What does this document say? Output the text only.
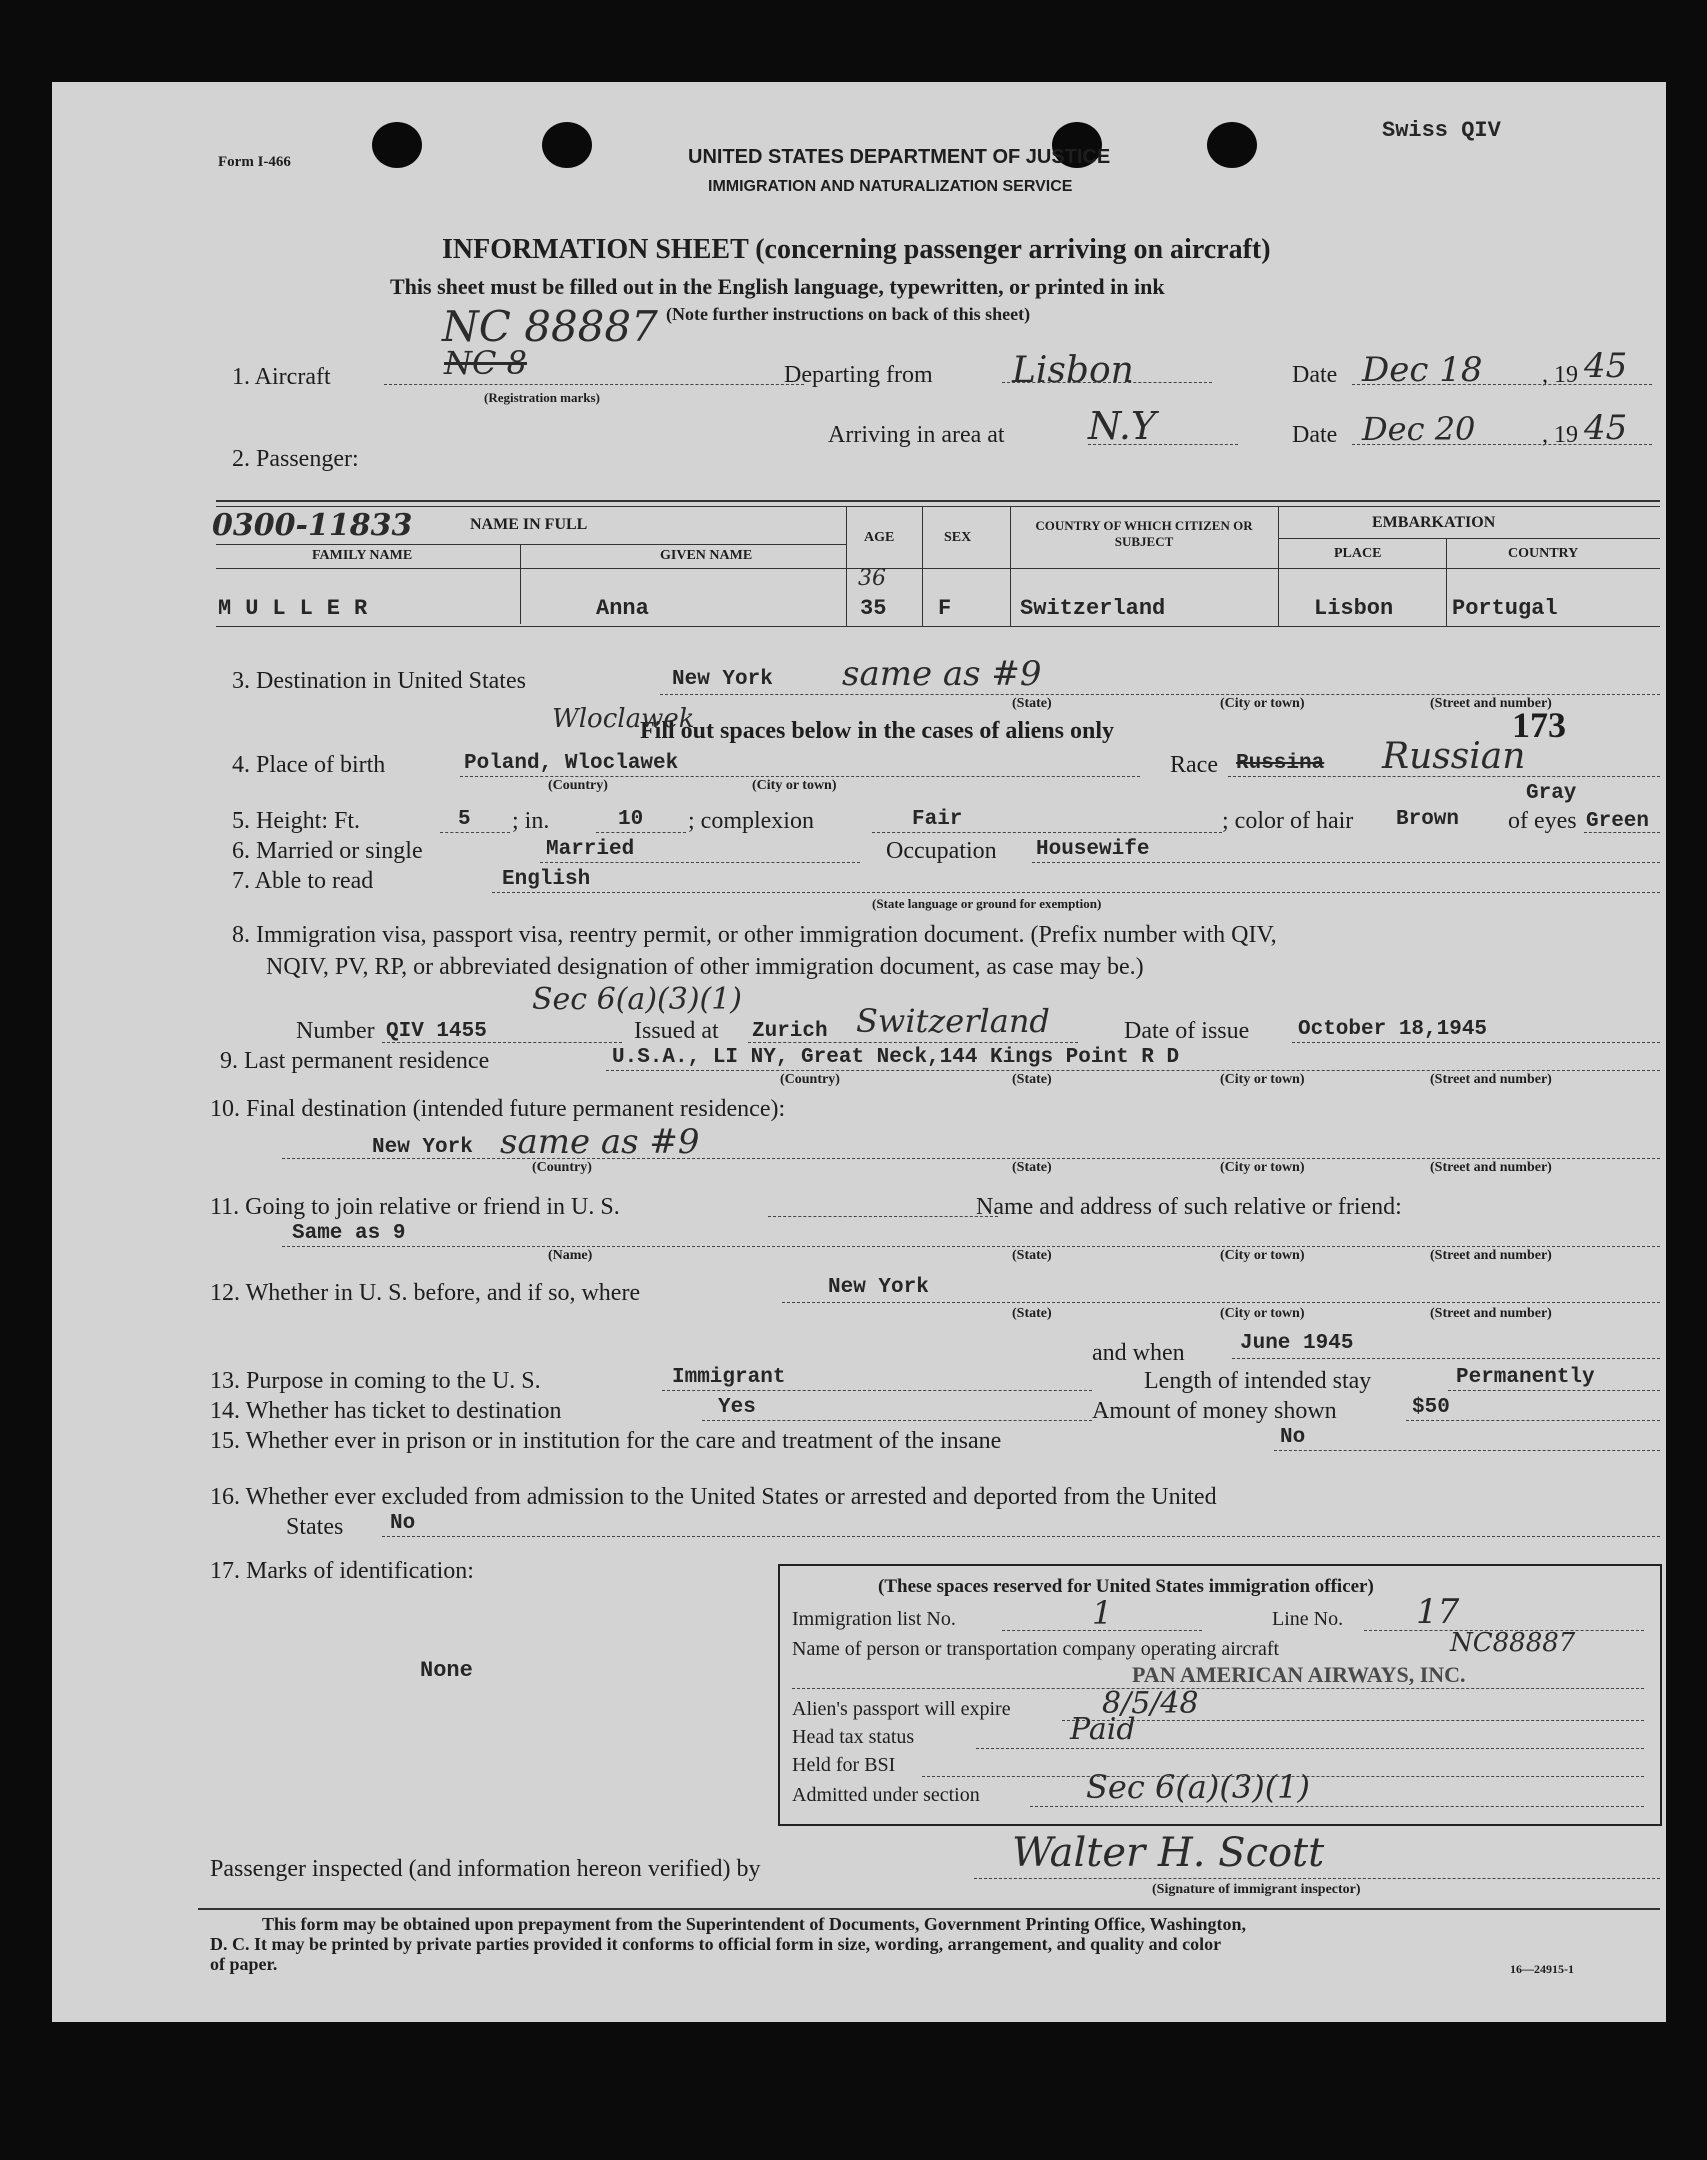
Form I-466	UNITED STATES DEPARTMENT OF JUSTICE
IMMIGRATION AND NATURALIZATION SERVICE
Swiss QIV
INFORMATION SHEET (concerning passenger arriving on aircraft)
This sheet must be filled out in the English language, typewritten, or printed in ink
(Note further instructions on back of this sheet)
NC 88887
NC 8
1. Aircraft
(Registration marks)
Departing from Lisbon	Date Dec 18 , 19 45
Arriving in area at N.Y	Date Dec 20	, 19 45
2. Passenger:
0300-11833	NAME IN FULL
FAMILY NAME	GIVEN NAME
AGE	SEX
COUNTRY OF WHICH CITIZEN OR SUBJECT
EMBARKATION
PLACE	COUNTRY
MULLER	Anna
36
35 F	Switzerland	Lisbon	Portugal
3. Destination in United States	New York same as #9
(State)	(City or town)	(Street and number)
Fill out spaces below in the cases of aliens only	173
Wloclawek
4. Place of birth	Poland, Wloclawek
(Country)	(City or town)
Race Russina Russian
Gray
5. Height: Ft.	5 ; in.	10 ; complexion	Fair	; color of hair Brown of eyes Green
6. Married or single	Married	Occupation Housewife
7. Able to read	English
(State language or ground for exemption)
8. Immigration visa, passport visa, reentry permit, or other immigration document. (Prefix number with QIV,
NQIV, PV, RP, or abbreviated designation of other immigration document, as case may be.)
Sec 6(a)(3)(1)
Number QIV 1455	Issued at Zurich Switzerland	Date of issue October 18,1945
9. Last permanent residence	U.S.A., LI NY, Great Neck,144 Kings Point R D
(Country)	(State)	(City or town)	(Street and number)
10. Final destination (intended future permanent residence):
New York same as #9
(Country)	(State)	(City or town)	(Street and number)
11. Going to join relative or friend in U. S.	Name and address of such relative or friend:
Same as 9
(Name)	(State)	(City or town)	(Street and number)
12. Whether in U. S. before, and if so, where	New York
(State)	(City or town)	(Street and number)
and when	June 1945
13. Purpose in coming to the U. S.	Immigrant	Length of intended stay	Permanently
14. Whether has ticket to destination	Yes	Amount of money shown	$50
15. Whether ever in prison or in institution for the care and treatment of the insane	No
16. Whether ever excluded from admission to the United States or arrested and deported from the United
States No
17. Marks of identification:
None
(These spaces reserved for United States immigration officer)
Immigration list No.	1	Line No. 17
Name of person or transportation company operating aircraft	NC88887
PAN AMERICAN AIRWAYS, INC.
Alien's passport will expire	8/5/48
Head tax status	Paid
Held for BSI
Admitted under section	Sec 6(a)(3)(1)
Passenger inspected (and information hereon verified) by	Walter H. Scott
(Signature of immigrant inspector)
This form may be obtained upon prepayment from the Superintendent of Documents, Government Printing Office, Washington,
D. C. It may be printed by private parties provided it conforms to official form in size, wording, arrangement, and quality and color
of paper.	16—24915-1
